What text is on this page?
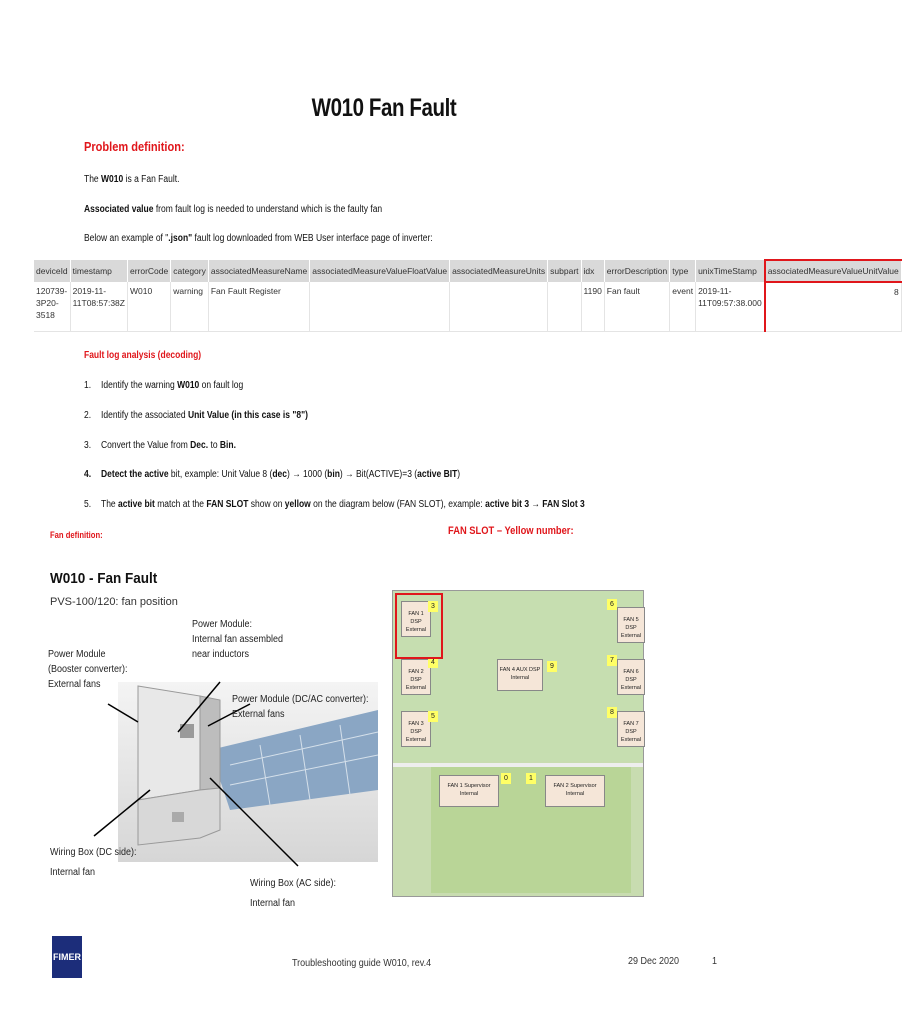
W010 Fan Fault
Problem definition:
The W010 is a Fan Fault.
Associated value from fault log is needed to understand which is the faulty fan
Below an example of ".json" fault log downloaded from WEB User interface page of inverter:
deviceId	timestamp	errorCode	category	associatedMeasureName	associatedMeasureValueFloatValue	associatedMeasureUnits	subpart	idx	errorDescription	type	unixTimeStamp	associatedMeasureValueUnitValue
120739-3P20-3518	2019-11-11T08:57:38Z	W010	warning	Fan Fault Register				1190	Fan fault	event	2019-11-11T09:57:38.000	8
Fault log analysis (decoding)
1. Identify the warning W010 on fault log
2. Identify the associated Unit Value (in this case is "8")
3. Convert the Value from Dec. to Bin.
4. Detect the active bit, example: Unit Value 8 (dec) → 1000 (bin) → Bit(ACTIVE)=3 (active BIT)
5. The active bit match at the FAN SLOT show on yellow on the diagram below (FAN SLOT), example: active bit 3 → FAN Slot 3
Fan definition:	FAN SLOT – Yellow number:
W010 - Fan Fault
PVS-100/120: fan position
Power Module:
Internal fan assembled
near inductors
Power Module
(Booster converter):
External fans
Power Module (DC/AC converter):
External fans
Wiring Box (DC side):
Internal fan
Wiring Box (AC side):
Internal fan
FAN 1 DSP
External
3
FAN 2 DSP
External
4
FAN 3 DSP
External
5
FAN 5 DSP
External
6
FAN 6 DSP
External
7
FAN 7 DSP
External
8
FAN 4 AUX DSP
Internal
9
FAN 1 Supervisor
Internal
0
FAN 2 Supervisor
Internal
1
FIMER
Troubleshooting guide W010, rev.4	29 Dec 2020	1
